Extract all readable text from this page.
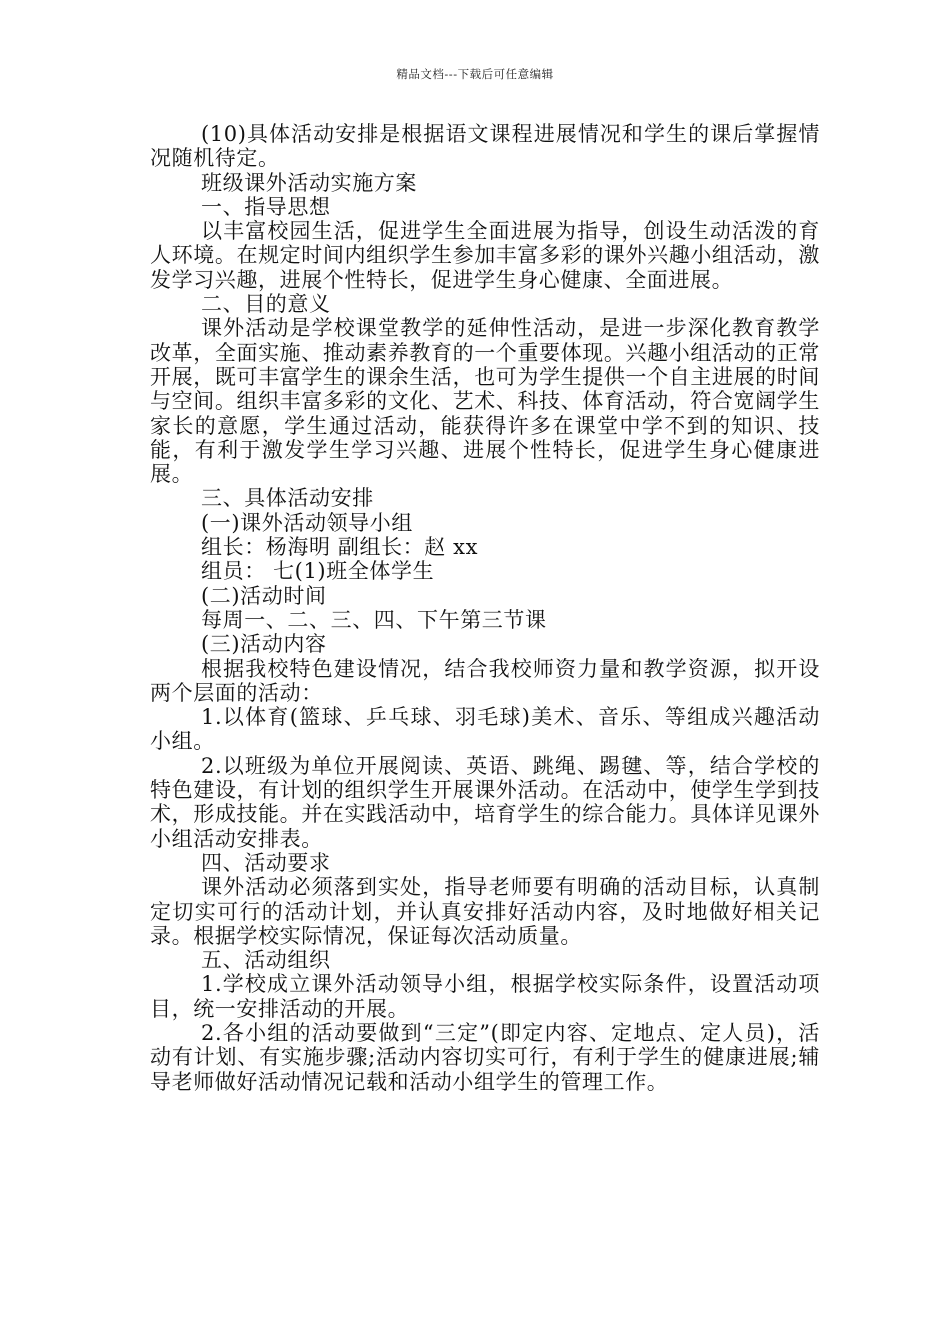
精品文档---下载后可任意编辑

(10)具体活动安排是根据语文课程进展情况和学生的课后掌握情况随机待定。

班级课外活动实施方案

一、指导思想

以丰富校园生活，促进学生全面进展为指导，创设生动活泼的育人环境。在规定时间内组织学生参加丰富多彩的课外兴趣小组活动，激发学习兴趣，进展个性特长，促进学生身心健康、全面进展。

二、目的意义

课外活动是学校课堂教学的延伸性活动，是进一步深化教育教学改革，全面实施、推动素养教育的一个重要体现。兴趣小组活动的正常开展，既可丰富学生的课余生活，也可为学生提供一个自主进展的时间与空间。组织丰富多彩的文化、艺术、科技、体育活动，符合宽阔学生家长的意愿，学生通过活动，能获得许多在课堂中学不到的知识、技能，有利于激发学生学习兴趣、进展个性特长，促进学生身心健康进展。

三、具体活动安排

(一)课外活动领导小组

组长：杨海明 副组长：赵 xx

组员： 七(1)班全体学生

(二)活动时间

每周一、二、三、四、下午第三节课

(三)活动内容

根据我校特色建设情况，结合我校师资力量和教学资源，拟开设两个层面的活动：

1.以体育(篮球、乒乓球、羽毛球)美术、音乐、等组成兴趣活动小组。

2.以班级为单位开展阅读、英语、跳绳、踢毽、等，结合学校的特色建设，有计划的组织学生开展课外活动。在活动中，使学生学到技术，形成技能。并在实践活动中，培育学生的综合能力。具体详见课外小组活动安排表。

四、活动要求

课外活动必须落到实处，指导老师要有明确的活动目标，认真制定切实可行的活动计划，并认真安排好活动内容，及时地做好相关记录。根据学校实际情况，保证每次活动质量。

五、活动组织

1.学校成立课外活动领导小组，根据学校实际条件，设置活动项目，统一安排活动的开展。

2.各小组的活动要做到“三定”(即定内容、定地点、定人员)，活动有计划、有实施步骤;活动内容切实可行，有利于学生的健康进展;辅导老师做好活动情况记载和活动小组学生的管理工作。
